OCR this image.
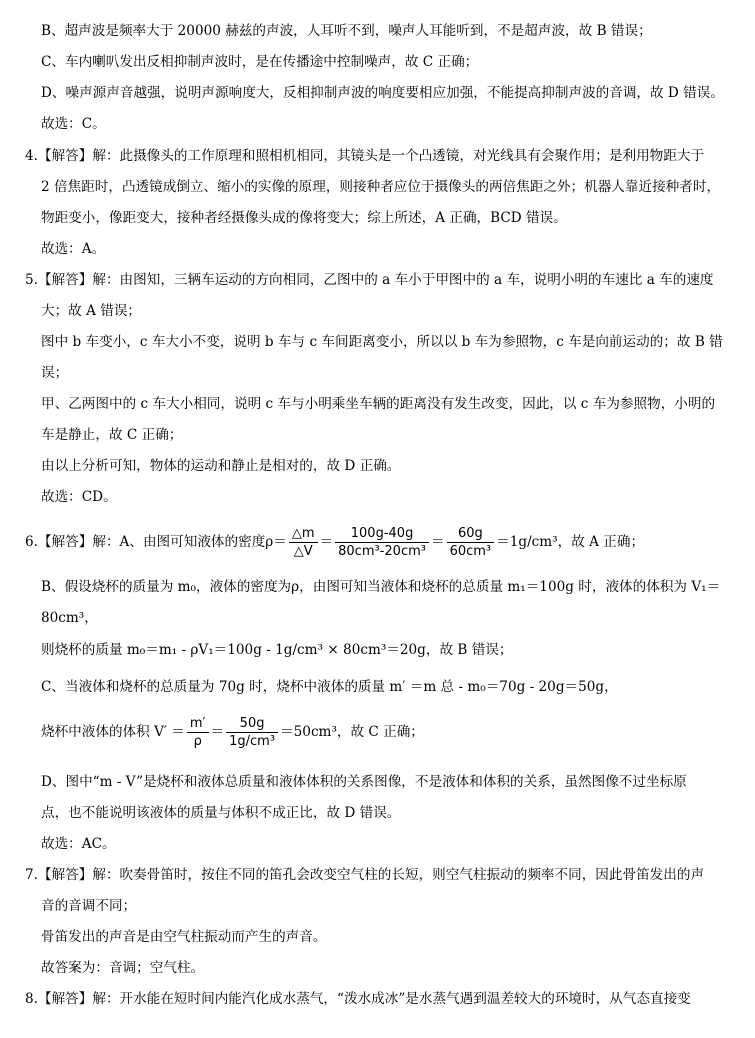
B、超声波是频率大于 20000 赫兹的声波，人耳听不到，噪声人耳能听到，不是超声波，故 B 错误；
C、车内喇叭发出反相抑制声波时，是在传播途中控制噪声，故 C 正确；
D、噪声源声音越强，说明声源响度大，反相抑制声波的响度要相应加强，不能提高抑制声波的音调，故 D 错误。
故选：C。
4.【解答】解：此摄像头的工作原理和照相机相同，其镜头是一个凸透镜，对光线具有会聚作用；是利用物距大于
2 倍焦距时，凸透镜成倒立、缩小的实像的原理，则接种者应位于摄像头的两倍焦距之外；机器人靠近接种者时，
物距变小，像距变大，接种者经摄像头成的像将变大；综上所述，A 正确，BCD 错误。
故选：A。
5.【解答】解：由图知，三辆车运动的方向相同，乙图中的 a 车小于甲图中的 a 车，说明小明的车速比 a 车的速度
大；故 A 错误；
图中 b 车变小，c 车大小不变，说明 b 车与 c 车间距离变小，所以以 b 车为参照物，c 车是向前运动的；故 B 错
误；
甲、乙两图中的 c 车大小相同，说明 c 车与小明乘坐车辆的距离没有发生改变，因此，以 c 车为参照物，小明的
车是静止，故 C 正确；
由以上分析可知，物体的运动和静止是相对的，故 D 正确。
故选：CD。
6.【解答】解：A、由图可知液体的密度$\rho= \frac{\triangle m}{\triangle V} = \frac{100g-40g}{\text{80cm³-20cm³}} = \frac{60g}{\text{60cm³}} =1g/cm^3$，故 A 正确；
B、假设烧杯的质量为 m₀，液体的密度为ρ，由图可知当液体和烧杯的总质量 m₁＝100g 时，液体的体积为 V₁＝
80cm³，
则烧杯的质量 m₀＝m₁ - ρV₁＝100g - 1g/cm³ × 80cm³＝20g，故 B 错误；
C、当液体和烧杯的总质量为 70g 时，烧杯中液体的质量 m′ ＝m 总 - m₀＝70g - 20g＝50g，
烧杯中液体的体积 $V' = \frac{m'}{\rho} = \frac{50g}{\text{1g/cm³}} =50cm^3$，故 C 正确；
D、图中“m - V”是烧杯和液体总质量和液体体积的关系图像，不是液体和体积的关系，虽然图像不过坐标原
点，也不能说明该液体的质量与体积不成正比，故 D 错误。
故选：AC。
7.【解答】解：吹奏骨笛时，按住不同的笛孔会改变空气柱的长短，则空气柱振动的频率不同，因此骨笛发出的声
音的音调不同；
骨笛发出的声音是由空气柱振动而产生的声音。
故答案为：音调；空气柱。
8.【解答】解：开水能在短时间内能汽化成水蒸气，“泼水成冰”是水蒸气遇到温差较大的环境时，从气态直接变
